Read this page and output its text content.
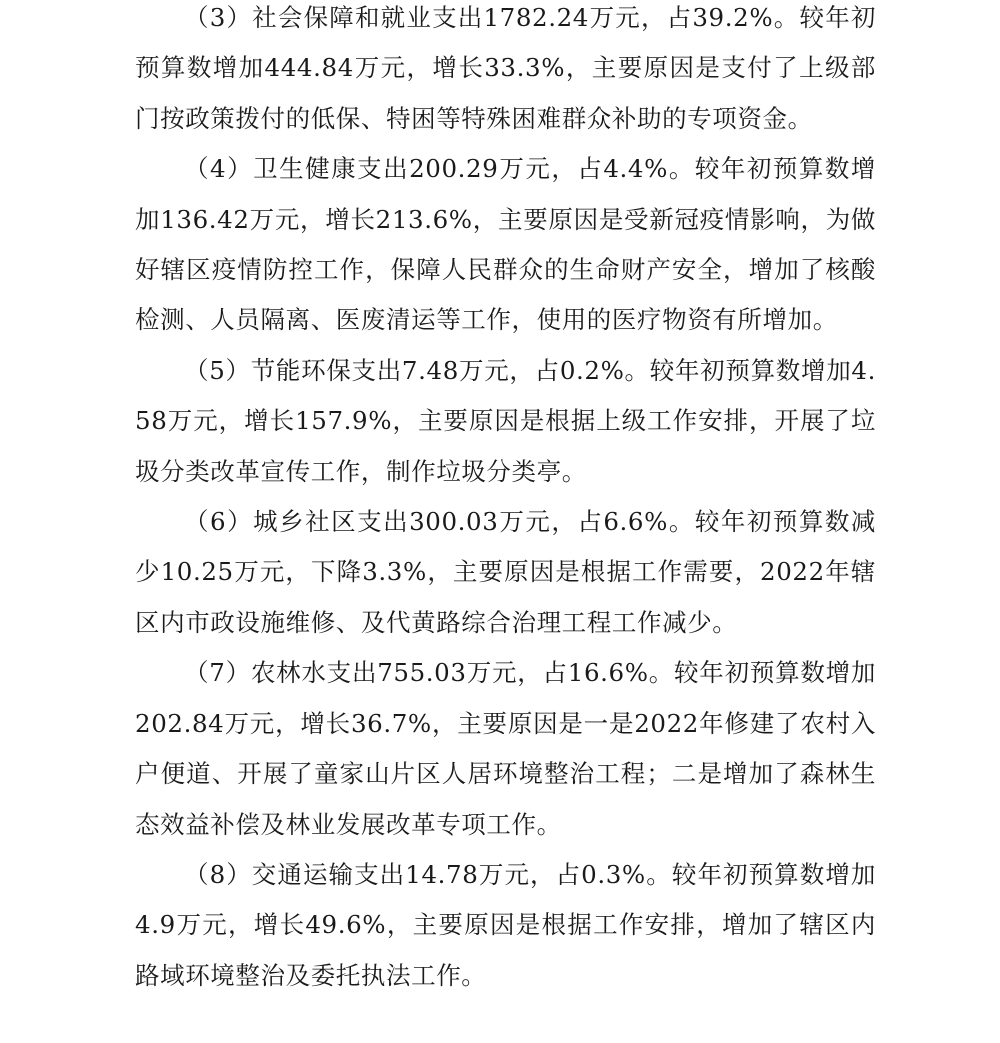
（3）社会保障和就业支出1782.24万元，占39.2%。较年初预算数增加444.84万元，增长33.3%，主要原因是支付了上级部门按政策拨付的低保、特困等特殊困难群众补助的专项资金。

（4）卫生健康支出200.29万元，占4.4%。较年初预算数增加136.42万元，增长213.6%，主要原因是受新冠疫情影响，为做好辖区疫情防控工作，保障人民群众的生命财产安全，增加了核酸检测、人员隔离、医废清运等工作，使用的医疗物资有所增加。

（5）节能环保支出7.48万元，占0.2%。较年初预算数增加4.58万元，增长157.9%，主要原因是根据上级工作安排，开展了垃圾分类改革宣传工作，制作垃圾分类亭。

（6）城乡社区支出300.03万元，占6.6%。较年初预算数减少10.25万元，下降3.3%，主要原因是根据工作需要，2022年辖区内市政设施维修、及代黄路综合治理工程工作减少。

（7）农林水支出755.03万元，占16.6%。较年初预算数增加202.84万元，增长36.7%，主要原因是一是2022年修建了农村入户便道、开展了童家山片区人居环境整治工程；二是增加了森林生态效益补偿及林业发展改革专项工作。

（8）交通运输支出14.78万元，占0.3%。较年初预算数增加4.9万元，增长49.6%，主要原因是根据工作安排，增加了辖区内路域环境整治及委托执法工作。
